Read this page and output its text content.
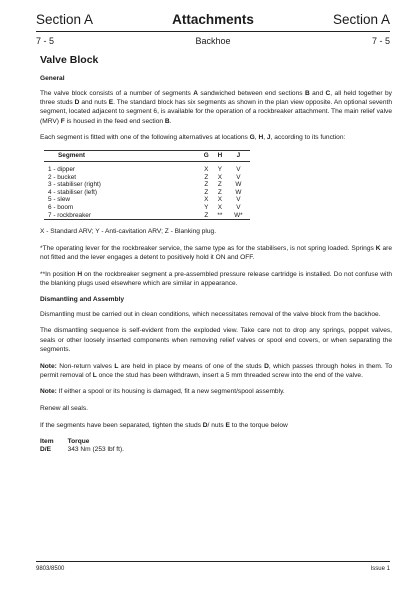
Section A	Attachments	Section A
7 - 5	Backhoe	7 - 5
Valve Block
General

The valve block consists of a number of segments A sandwiched between end sections B and C, all held together by three studs D and nuts E. The standard block has six segments as shown in the plan view opposite. An optional seventh segment, located adjacent to segment 6, is available for the operation of a rockbreaker attachment. The main relief valve (MRV) F is housed in the feed end section B.

Each segment is fitted with one of the following alternatives at locations G, H, J, according to its function:

Segment	G	H	J
1 - dipper	X	Y	V
2 - bucket	Z	X	V
3 - stabiliser (right)	Z	Z	W
4 - stabiliser (left)	Z	Z	W
5 - slew	X	X	V
6 - boom	Y	X	V
7 - rockbreaker	Z	**	W*

X - Standard ARV; Y - Anti-cavitation ARV; Z - Blanking plug.

*The operating lever for the rockbreaker service, the same type as for the stabilisers, is not spring loaded. Springs K are not fitted and the lever engages a detent to positively hold it ON and OFF.

**In position H on the rockbreaker segment a pre-assembled pressure release cartridge is installed. Do not confuse with the blanking plugs used elsewhere which are similar in appearance.

Dismantling and Assembly

Dismantling must be carried out in clean conditions, which necessitates removal of the valve block from the backhoe.

The dismantling sequence is self-evident from the exploded view. Take care not to drop any springs, poppet valves, seals or other loosely inserted components when removing relief valves or spool end covers, or when separating the segments.

Note: Non-return valves L are held in place by means of one of the studs D, which passes through holes in them. To permit removal of L once the stud has been withdrawn, insert a 5 mm threaded screw into the end of the valve.

Note: If either a spool or its housing is damaged, fit a new segment/spool assembly.

Renew all seals.

If the segments have been separated, tighten the studs D/ nuts E to the torque below

Item	Torque
D/E	343 Nm (253 lbf ft).
9803/8500	Issue 1
